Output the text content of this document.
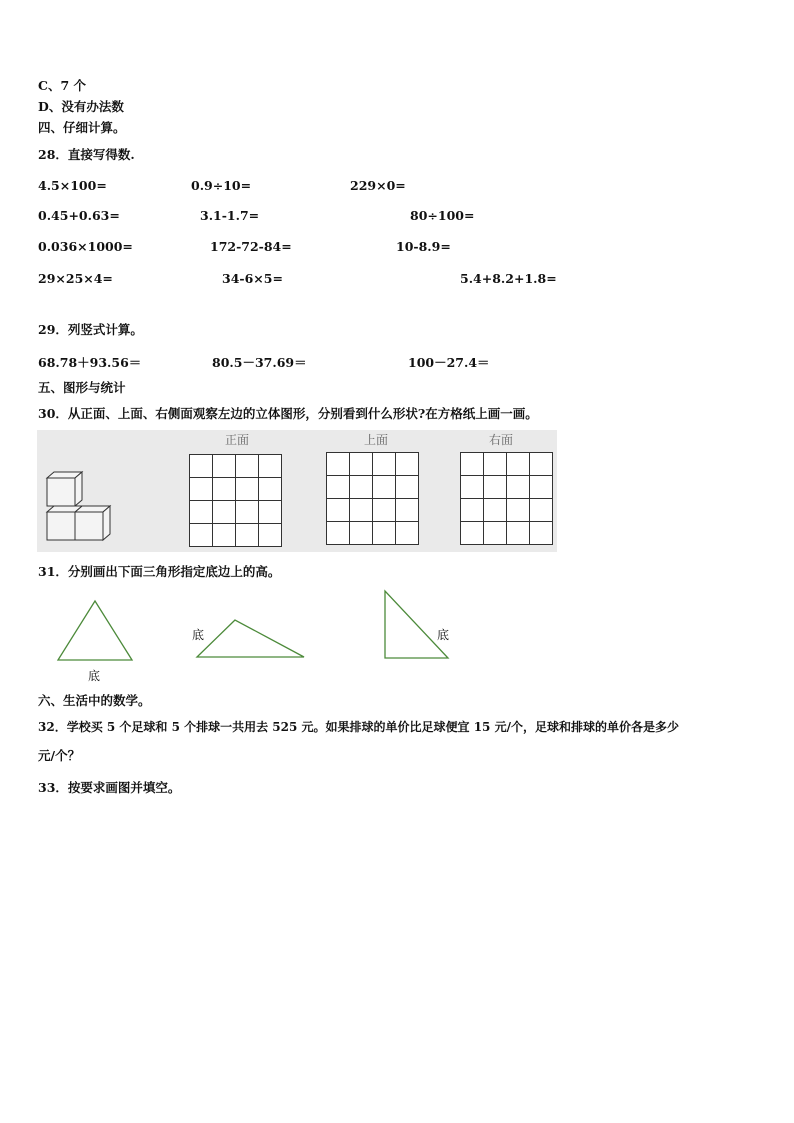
C、7 个
D、没有办法数
四、仔细计算。
28．直接写得数.
4.5×100=	0.9÷10=	229×0=
0.45+0.63=	3.1-1.7=	80÷100=
0.036×1000=	172-72-84=	10-8.9=
29×25×4=	34-6×5=	5.4+8.2+1.8=
29．列竖式计算。
68.78＋93.56＝	80.5－37.69＝	100－27.4＝
五、图形与统计
30．从正面、上面、右侧面观察左边的立体图形，分别看到什么形状?在方格纸上画一画。
正面

				上面

				右面

31．分别画出下面三角形指定底边上的高。
底
底	底
六、生活中的数学。
32．学校买 5 个足球和 5 个排球一共用去 525 元。如果排球的单价比足球便宜 15 元/个，足球和排球的单价各是多少
元/个？
33．按要求画图并填空。
